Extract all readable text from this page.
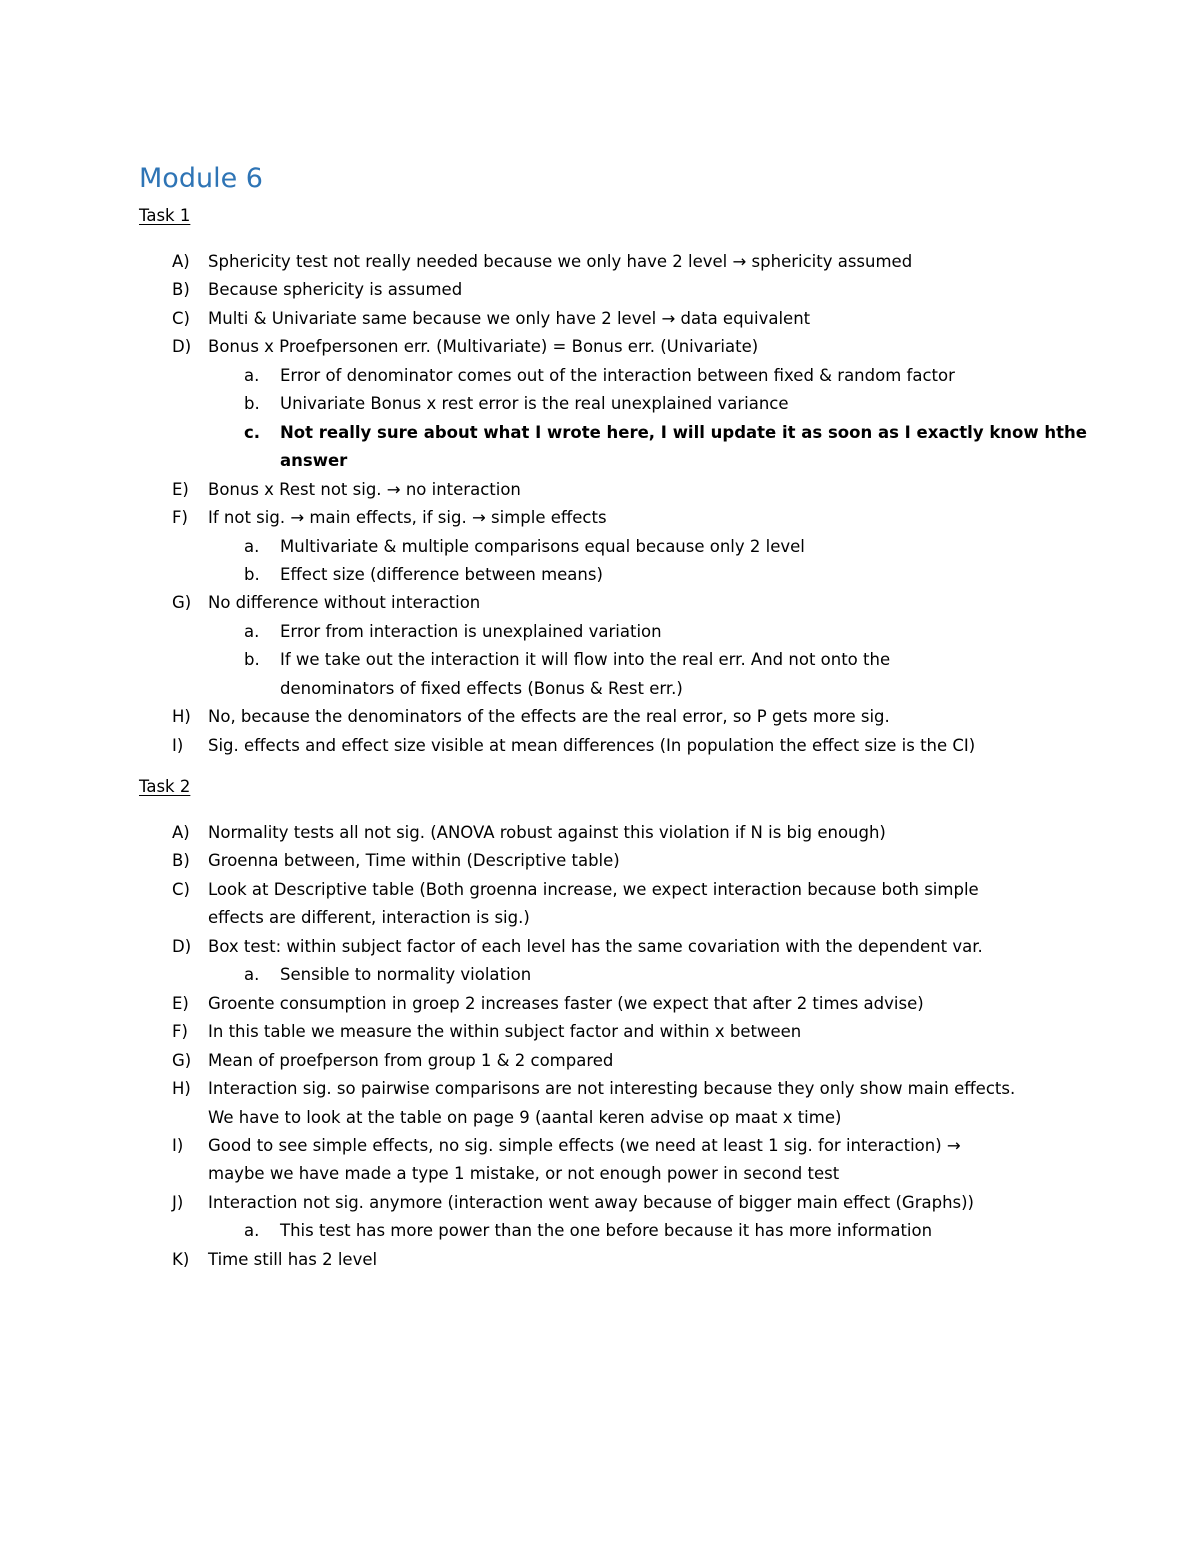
Module 6
Task 1
A) Sphericity test not really needed because we only have 2 level → sphericity assumed
B) Because sphericity is assumed
C) Multi & Univariate same because we only have 2 level → data equivalent
D) Bonus x Proefpersonen err. (Multivariate) = Bonus err. (Univariate)
a. Error of denominator comes out of the interaction between fixed & random factor
b. Univariate Bonus x rest error is the real unexplained variance
c. Not really sure about what I wrote here, I will update it as soon as I exactly know hthe
answer
E) Bonus x Rest not sig. → no interaction
F) If not sig. → main effects, if sig. → simple effects
a. Multivariate & multiple comparisons equal because only 2 level
b. Effect size (difference between means)
G) No difference without interaction
a. Error from interaction is unexplained variation
b. If we take out the interaction it will flow into the real err. And not onto the
denominators of fixed effects (Bonus & Rest err.)
H) No, because the denominators of the effects are the real error, so P gets more sig.
I) Sig. effects and effect size visible at mean differences (In population the effect size is the CI)
Task 2
A) Normality tests all not sig. (ANOVA robust against this violation if N is big enough)
B) Groenna between, Time within (Descriptive table)
C) Look at Descriptive table (Both groenna increase, we expect interaction because both simple
effects are different, interaction is sig.)
D) Box test: within subject factor of each level has the same covariation with the dependent var.
a. Sensible to normality violation
E) Groente consumption in groep 2 increases faster (we expect that after 2 times advise)
F) In this table we measure the within subject factor and within x between
G) Mean of proefperson from group 1 & 2 compared
H) Interaction sig. so pairwise comparisons are not interesting because they only show main effects.
We have to look at the table on page 9 (aantal keren advise op maat x time)
I) Good to see simple effects, no sig. simple effects (we need at least 1 sig. for interaction) →
maybe we have made a type 1 mistake, or not enough power in second test
J) Interaction not sig. anymore (interaction went away because of bigger main effect (Graphs))
a. This test has more power than the one before because it has more information
K) Time still has 2 level
